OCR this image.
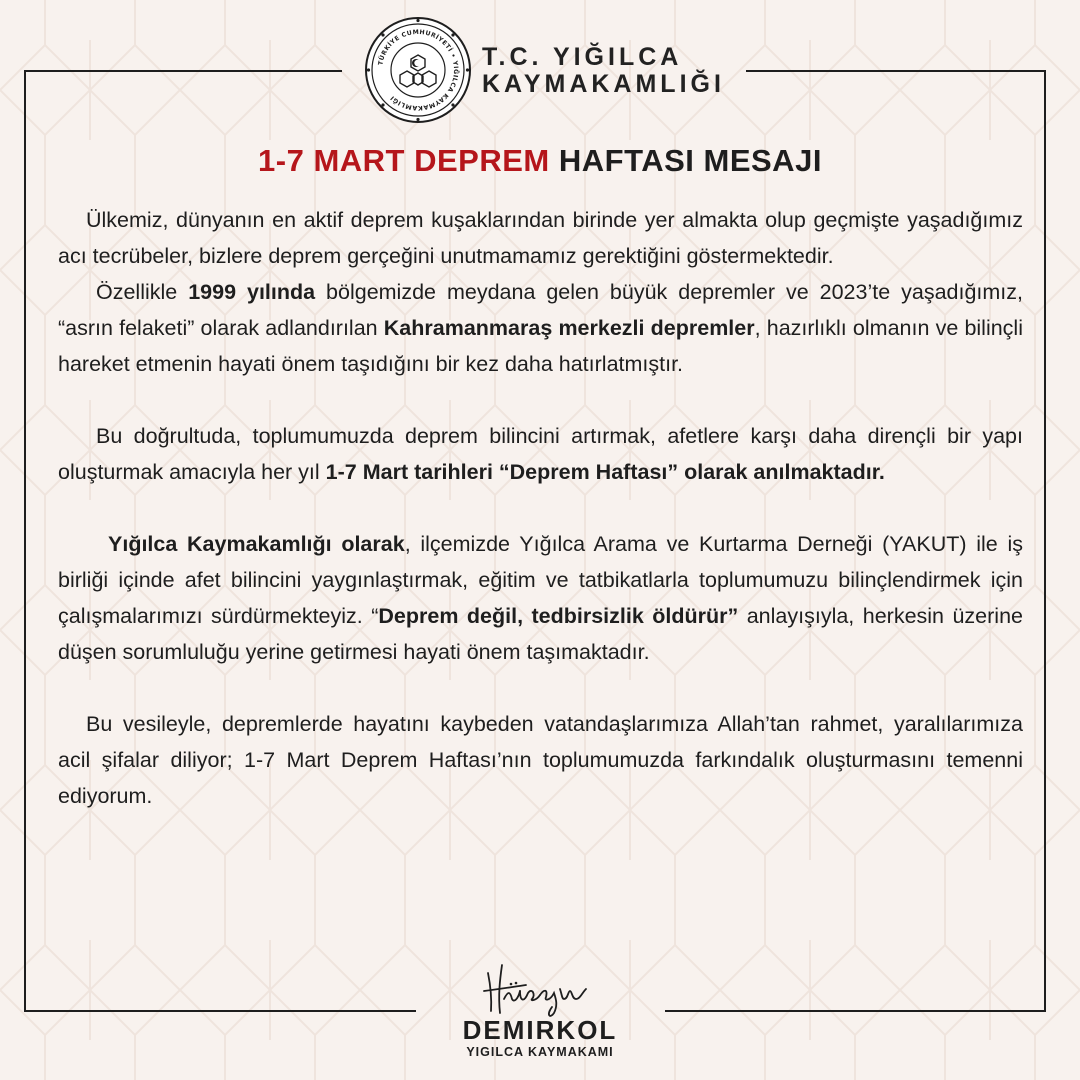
TÜRKİYE CUMHURİYETİ • YIĞILCA KAYMAKAMLIĞI
T.C. YIĞILCA
KAYMAKAMLIĞI
1-7 MART DEPREM HAFTASI MESAJI

Ülkemiz, dünyanın en aktif deprem kuşaklarından birinde yer almakta olup geçmişte yaşadığımız acı tecrübeler, bizlere deprem gerçeğini unutmamamız gerektiğini göstermektedir.

Özellikle 1999 yılında bölgemizde meydana gelen büyük depremler ve 2023’te yaşadığımız, “asrın felaketi” olarak adlandırılan Kahramanmaraş merkezli depremler, hazırlıklı olmanın ve bilinçli hareket etmenin hayati önem taşıdığını bir kez daha hatırlatmıştır.

Bu doğrultuda, toplumumuzda deprem bilincini artırmak, afetlere karşı daha dirençli bir yapı oluşturmak amacıyla her yıl 1-7 Mart tarihleri “Deprem Haftası” olarak anılmaktadır.

Yığılca Kaymakamlığı olarak, ilçemizde Yığılca Arama ve Kurtarma Derneği (YAKUT) ile iş birliği içinde afet bilincini yaygınlaştırmak, eğitim ve tatbikatlarla toplumumuzu bilinçlendirmek için çalışmalarımızı sürdürmekteyiz. “Deprem değil, tedbirsizlik öldürür” anlayışıyla, herkesin üzerine düşen sorumluluğu yerine getirmesi hayati önem taşımaktadır.

Bu vesileyle, depremlerde hayatını kaybeden vatandaşlarımıza Allah’tan rahmet, yaralılarımıza acil şifalar diliyor; 1-7 Mart Deprem Haftası’nın toplumumuzda farkındalık oluşturmasını temenni ediyorum.

DEMIRKOL
YIGILCA KAYMAKAMI
